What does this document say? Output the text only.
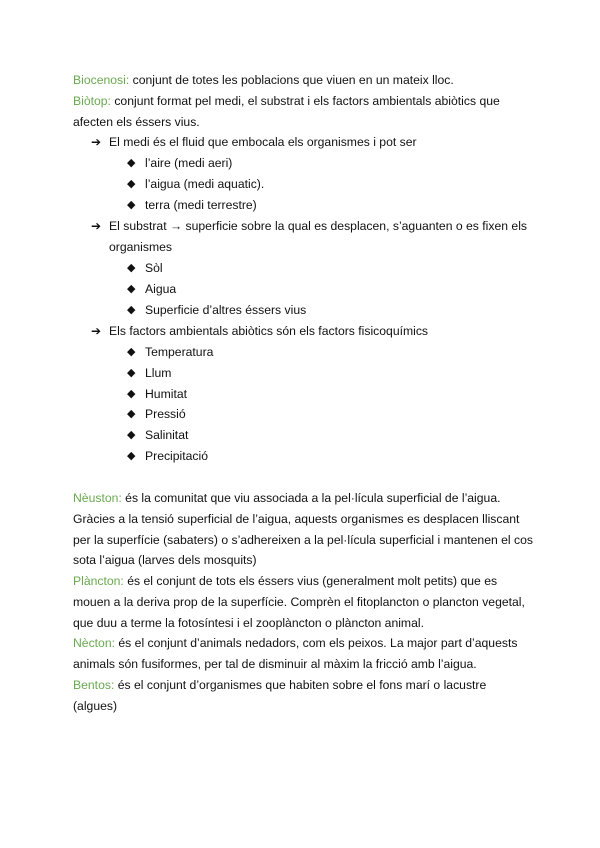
Biocenosi: conjunt de totes les poblacions que viuen en un mateix lloc.

Biòtop: conjunt format pel medi, el substrat i els factors ambientals abiòtics que afecten els éssers vius.

➔ El medi és el fluid que embocala els organismes i pot ser
◆ l’aire (medi aeri)
◆ l’aigua (medi aquatic).
◆ terra (medi terrestre)
➔ El substrat → superficie sobre la qual es desplacen, s’aguanten o es fixen els organismes
◆ Sòl
◆ Aigua
◆ Superficie d’altres éssers vius
➔ Els factors ambientals abiòtics són els factors fisicoquímics
◆ Temperatura
◆ Llum
◆ Humitat
◆ Pressió
◆ Salinitat
◆ Precipitació

Nèuston: és la comunitat que viu associada a la pel·lícula superficial de l’aigua. Gràcies a la tensió superficial de l’aigua, aquests organismes es desplacen lliscant per la superfície (sabaters) o s’adhereixen a la pel·lícula superficial i mantenen el cos sota l’aigua (larves dels mosquits)

Plàncton: és el conjunt de tots els éssers vius (generalment molt petits) que es mouen a la deriva prop de la superfície. Comprèn el fitoplancton o plancton vegetal, que duu a terme la fotosíntesi i el zooplàncton o plàncton animal.

Nècton: és el conjunt d’animals nedadors, com els peixos. La major part d’aquests animals són fusiformes, per tal de disminuir al màxim la fricció amb l’aigua.

Bentos: és el conjunt d’organismes que habiten sobre el fons marí o lacustre (algues)
